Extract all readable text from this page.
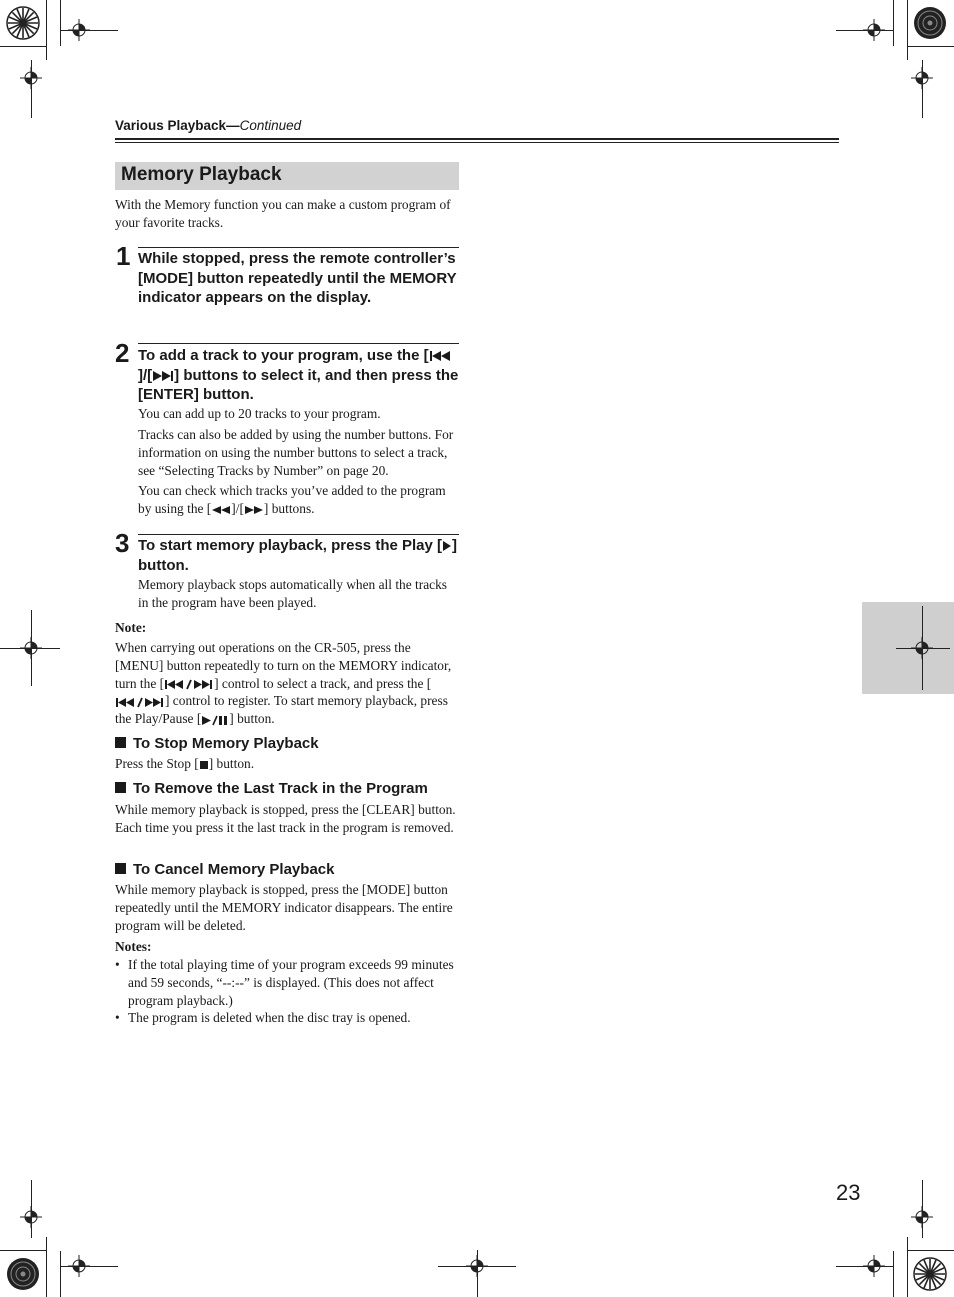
Various Playback—Continued
Memory Playback
With the Memory function you can make a custom program of your favorite tracks.
1 While stopped, press the remote controller’s [MODE] button repeatedly until the MEMORY indicator appears on the display.
2 To add a track to your program, use the []/[ ] buttons to select it, and then press the [ENTER] button.
You can add up to 20 tracks to your program.
Tracks can also be added by using the number buttons. For information on using the number buttons to select a track, see “Selecting Tracks by Number” on page 20.
You can check which tracks you’ve added to the program by using the [ ]/[ ] buttons.
3 To start memory playback, press the Play [ ] button.
Memory playback stops automatically when all the tracks in the program have been played.
Note:
When carrying out operations on the CR-505, press the [MENU] button repeatedly to turn on the MEMORY indicator, turn the [	] control to select a track, and press the [] control to register. To start memory playback, press the Play/Pause [ ] button.
To Stop Memory Playback
Press the Stop [ ] button.
To Remove the Last Track in the Program
While memory playback is stopped, press the [CLEAR] button. Each time you press it the last track in the program is removed.
To Cancel Memory Playback
While memory playback is stopped, press the [MODE] button repeatedly until the MEMORY indicator disappears. The entire program will be deleted.
Notes:
• If the total playing time of your program exceeds 99 minutes and 59 seconds, “--:--” is displayed. (This does not affect program playback.)
• The program is deleted when the disc tray is opened.
23
